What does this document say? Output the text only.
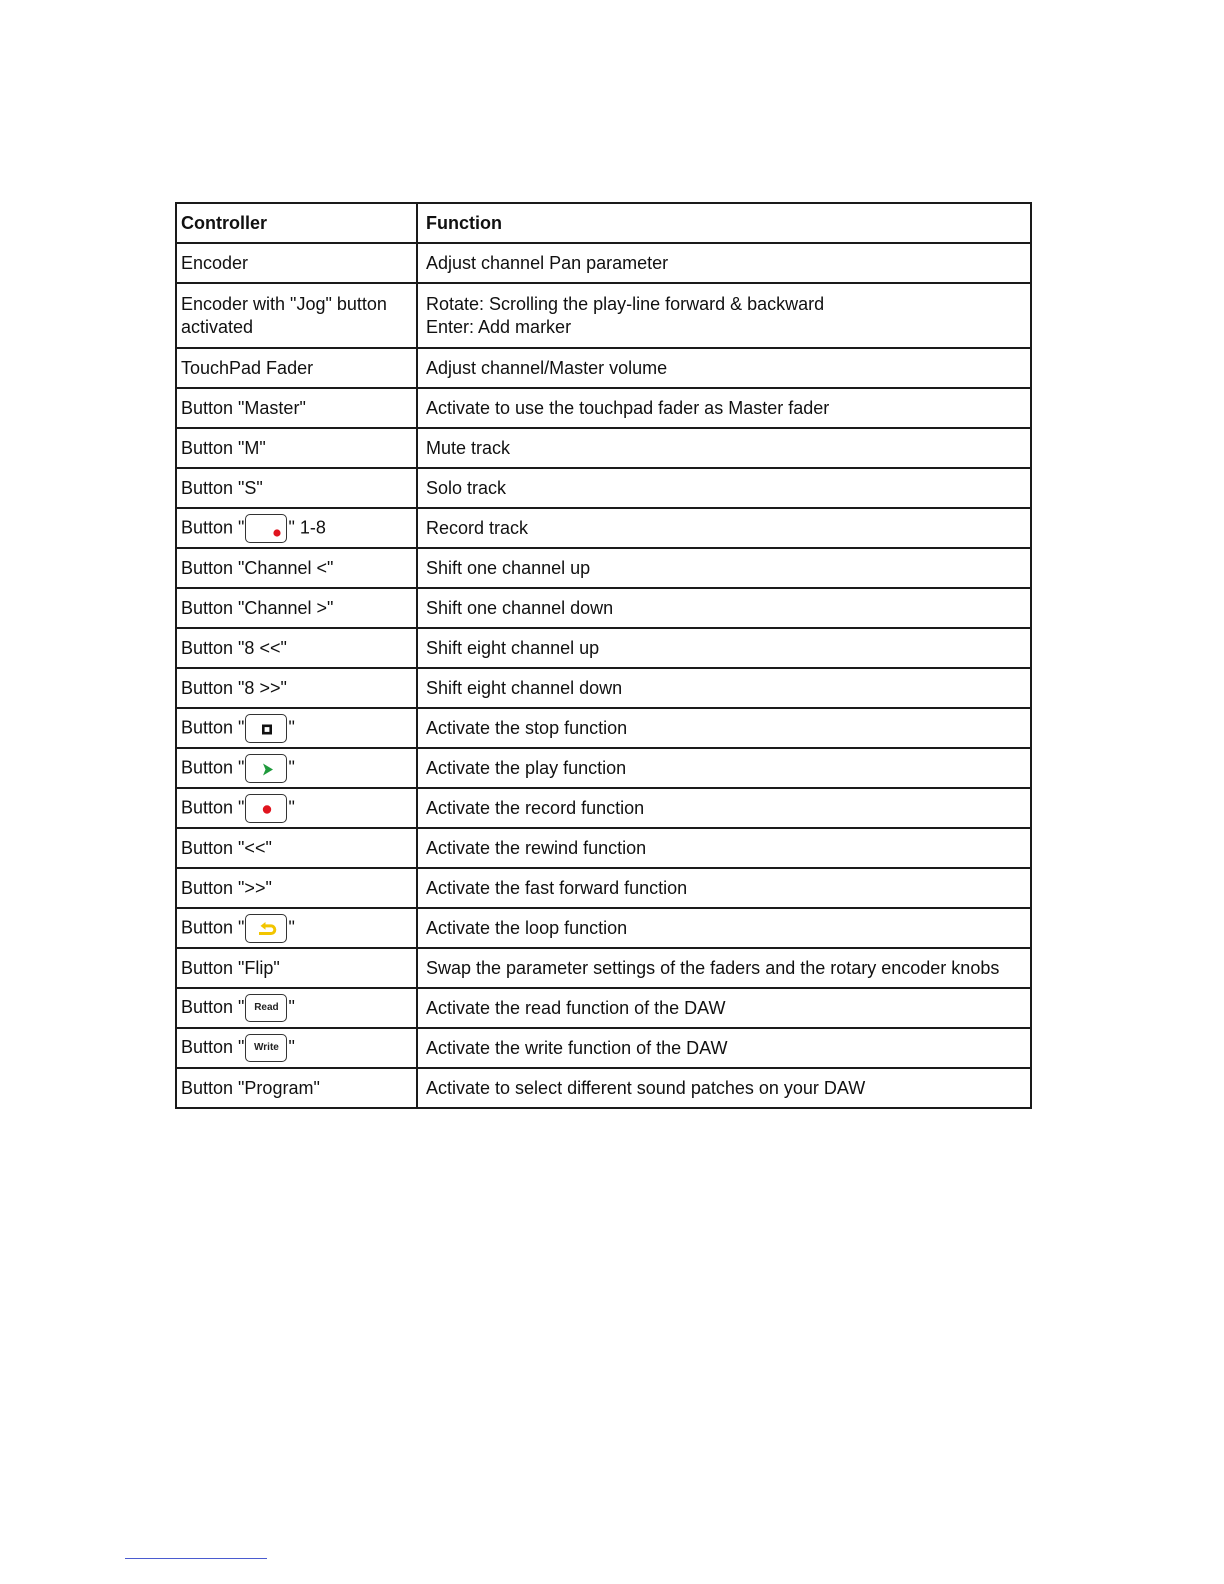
Controller	Function
Encoder	Adjust channel Pan parameter

Encoder with "Jog" button
activated	Rotate: Scrolling the play-line forward & backward
Enter: Add marker

TouchPad Fader	Adjust channel/Master volume
Button "Master"	Activate to use the touchpad fader as Master fader
Button "M"	Mute track
Button "S"	Solo track
Button " " 1-8	Record track
Button "Channel <"	Shift one channel up
Button "Channel >"	Shift one channel down
Button "8 <<"	Shift eight channel up
Button "8 >>"	Shift eight channel down
Button " "	Activate the stop function
Button " "	Activate the play function
Button " "	Activate the record function
Button "<<"	Activate the rewind function
Button ">>"	Activate the fast forward function
Button " "	Activate the loop function
Button "Flip"	Swap the parameter settings of the faders and the rotary encoder knobs
Button " Read "	Activate the read function of the DAW
Button " Write "	Activate the write function of the DAW
Button "Program"	Activate to select different sound patches on your DAW
